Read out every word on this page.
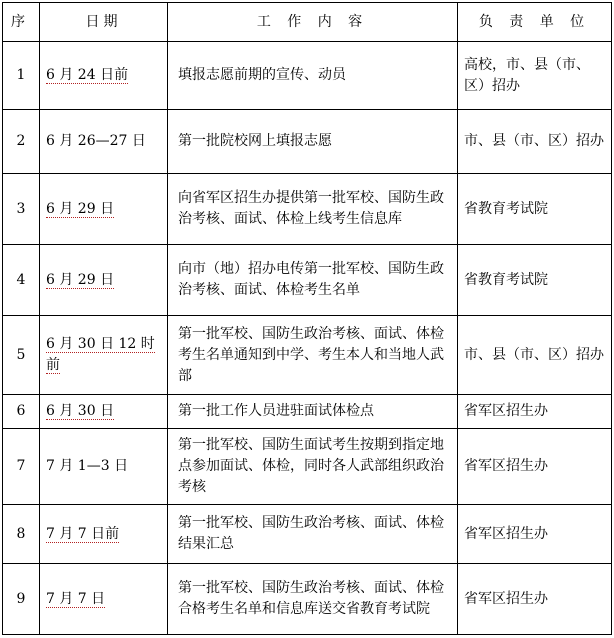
序	日期	工 作 内 容	负 责 单 位
1	6 月 24 日前	填报志愿前期的宣传、动员	高校，市、县（市、区）招办
2	6 月 26—27 日	第一批院校网上填报志愿	市、县（市、区）招办
3	6 月 29 日	向省军区招生办提供第一批军校、国防生政治考核、面试、体检上线考生信息库	省教育考试院
4	6 月 29 日	向市（地）招办电传第一批军校、国防生政治考核、面试、体检考生名单	省教育考试院
5	6 月 30 日 12 时前	第一批军校、国防生政治考核、面试、体检考生名单通知到中学、考生本人和当地人武部	市、县（市、区）招办
6	6 月 30 日	第一批工作人员进驻面试体检点	省军区招生办
7	7 月 1—3 日	第一批军校、国防生面试考生按期到指定地点参加面试、体检，同时各人武部组织政治考核	省军区招生办
8	7 月 7 日前	第一批军校、国防生政治考核、面试、体检结果汇总	省军区招生办
9	7 月 7 日	第一批军校、国防生政治考核、面试、体检合格考生名单和信息库送交省教育考试院	省军区招生办
